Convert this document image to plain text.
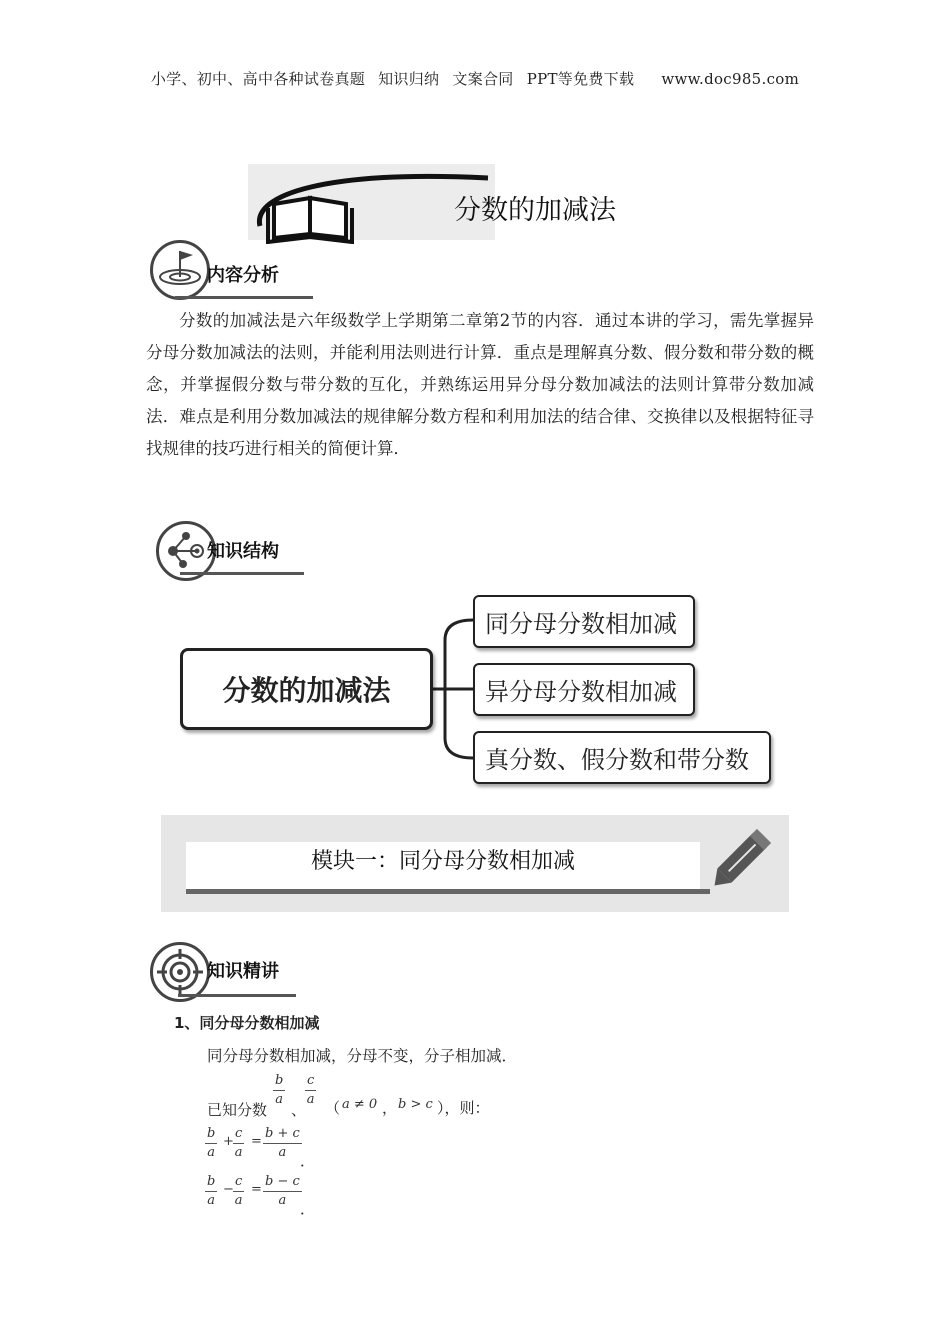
小学、初中、高中各种试卷真题 知识归纳 文案合同 PPT等免费下载 www.doc985.com
分数的加减法
内容分析
分数的加减法是六年级数学上学期第二章第2节的内容．通过本讲的学习，需先掌握异分母分数加减法的法则，并能利用法则进行计算．重点是理解真分数、假分数和带分数的概念，并掌握假分数与带分数的互化，并熟练运用异分母分数加减法的法则计算带分数加减法．难点是利用分数加减法的规律解分数方程和利用加法的结合律、交换律以及根据特征寻找规律的技巧进行相关的简便计算．
知识结构
分数的加减法
同分母分数相加减
异分母分数相加减
真分数、假分数和带分数
模块一：同分母分数相加减
知识精讲
1、同分母分数相加减
同分母分数相加减，分母不变，分子相加减．
已知分数
$\frac{b}{a}$
、
$\frac{c}{a}$ （ a ≠ 0 ， b > c ），则：
$\frac{b}{a} + \frac{c}{a} = \frac{b + c}{a}$
．
$\frac{b}{a} - \frac{c}{a} = \frac{b - c}{a}$
．
